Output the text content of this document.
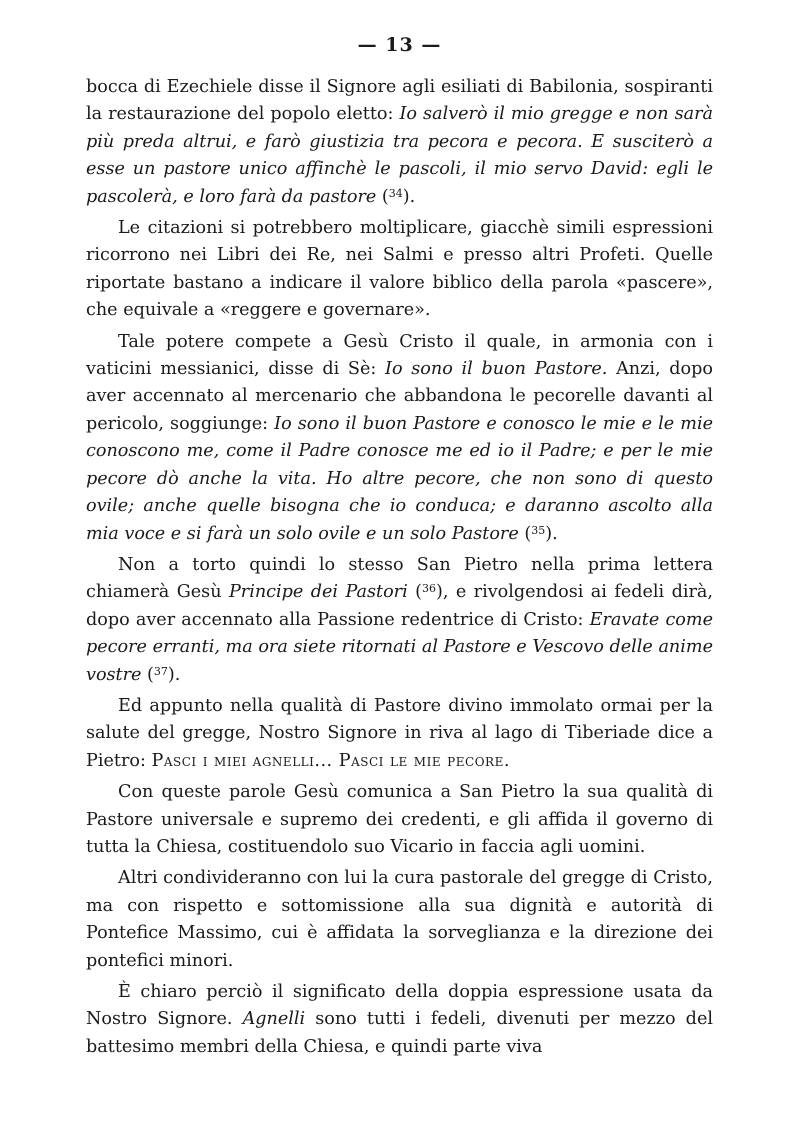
— 13 —

bocca di Ezechiele disse il Signore agli esiliati di Babilonia, sospiranti la restaurazione del popolo eletto: Io salverò il mio gregge e non sarà più preda altrui, e farò giustizia tra pecora e pecora. E susciterò a esse un pastore unico affinchè le pascoli, il mio servo David: egli le pascolerà, e loro farà da pastore ($^{34}$).

Le citazioni si potrebbero moltiplicare, giacchè simili espressioni ricorrono nei Libri dei Re, nei Salmi e presso altri Profeti. Quelle riportate bastano a indicare il valore biblico della parola «pascere», che equivale a «reggere e governare».

Tale potere compete a Gesù Cristo il quale, in armonia con i vaticini messianici, disse di Sè: Io sono il buon Pastore. Anzi, dopo aver accennato al mercenario che abbandona le pecorelle davanti al pericolo, soggiunge: Io sono il buon Pastore e conosco le mie e le mie conoscono me, come il Padre conosce me ed io il Padre; e per le mie pecore dò anche la vita. Ho altre pecore, che non sono di questo ovile; anche quelle bisogna che io conduca; e daranno ascolto alla mia voce e si farà un solo ovile e un solo Pastore ($^{35}$).

Non a torto quindi lo stesso San Pietro nella prima lettera chiamerà Gesù Principe dei Pastori ($^{36}$), e rivolgendosi ai fedeli dirà, dopo aver accennato alla Passione redentrice di Cristo: Eravate come pecore erranti, ma ora siete ritornati al Pastore e Vescovo delle anime vostre ($^{37}$).

Ed appunto nella qualità di Pastore divino immolato ormai per la salute del gregge, Nostro Signore in riva al lago di Tiberiade dice a Pietro: Pasci i miei agnelli... Pasci le mie pecore.

Con queste parole Gesù comunica a San Pietro la sua qualità di Pastore universale e supremo dei credenti, e gli affida il governo di tutta la Chiesa, costituendolo suo Vicario in faccia agli uomini.

Altri condivideranno con lui la cura pastorale del gregge di Cristo, ma con rispetto e sottomissione alla sua dignità e autorità di Pontefice Massimo, cui è affidata la sorveglianza e la direzione dei pontefici minori.

È chiaro perciò il significato della doppia espressione usata da Nostro Signore. Agnelli sono tutti i fedeli, divenuti per mezzo del battesimo membri della Chiesa, e quindi parte viva
